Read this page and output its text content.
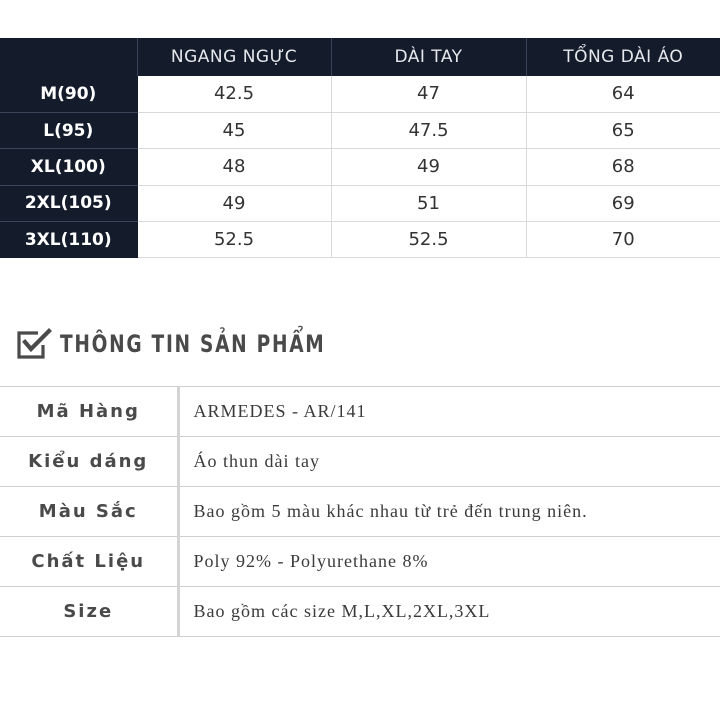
	NGANG NGỰC	DÀI TAY	TỔNG DÀI ÁO
M(90)	42.5	47	64
L(95)	45	47.5	65
XL(100)	48	49	68
2XL(105)	49	51	69
3XL(110)	52.5	52.5	70
THÔNG TIN SẢN PHẨM
Mã Hàng	ARMEDES - AR/141
Kiểu dáng	Áo thun dài tay
Màu Sắc	Bao gồm 5 màu khác nhau từ trẻ đến trung niên.
Chất Liệu	Poly 92% - Polyurethane 8%
Size	Bao gồm các size M,L,XL,2XL,3XL
